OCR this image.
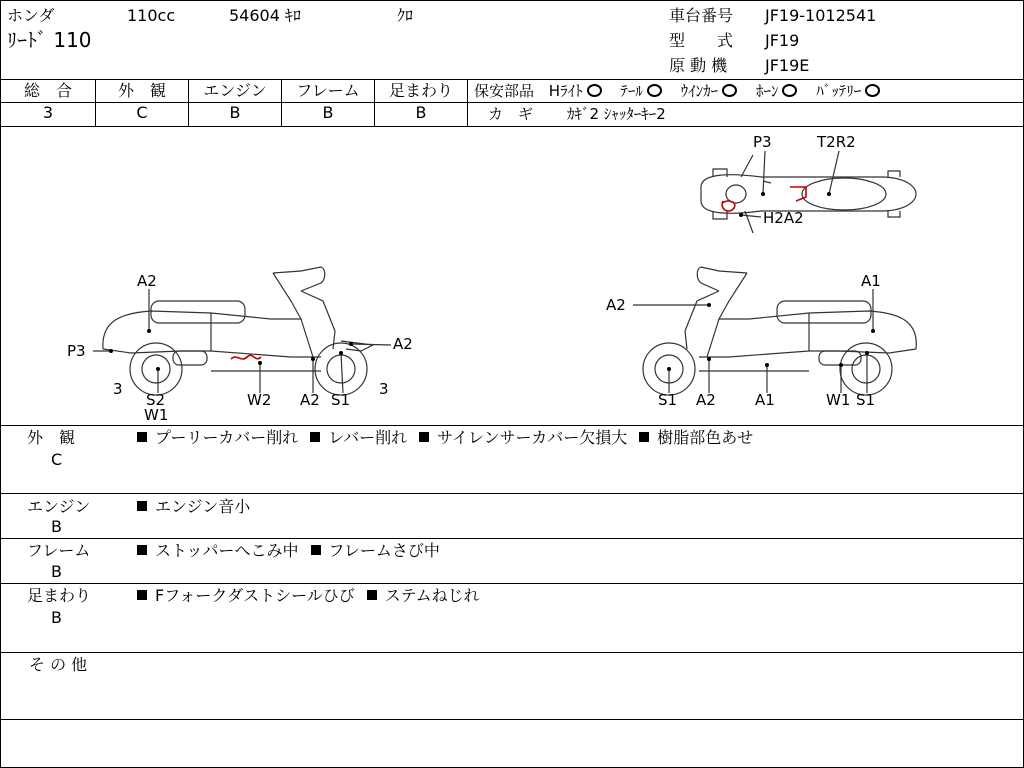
ホンダ	110cc	54604 ｷﾛ	ｸﾛ
ﾘｰﾄﾞ 110
車台番号 JF19-1012541
型　　式 JF19
原 動 機 JF19E
総　合	外　観	エンジン	フレーム	足まわり
3	C	B	B	B
保安部品 Hﾗｲﾄ	ﾃｰﾙ	ｳｲﾝｶｰ	ﾎｰﾝ	ﾊﾞｯﾃﾘｰ
カ　ギ ｶｷﾞ2 ｼｬｯﾀｰｷｰ2
外　観
C
プーリーカバー削れ レバー削れ サイレンサーカバー欠損大 樹脂部色あせ
エンジン
B
エンジン音小
フレーム
B
ストッパーへこみ中 フレームさび中
足まわり
B
Fフォークダストシールひび ステムねじれ
そ の 他
P3	T2R2
H2A2
A2
P3	A2
3	3
S2
W1
W2 A2 S1
A2
A1
S1 A2	A1	W1 S1
